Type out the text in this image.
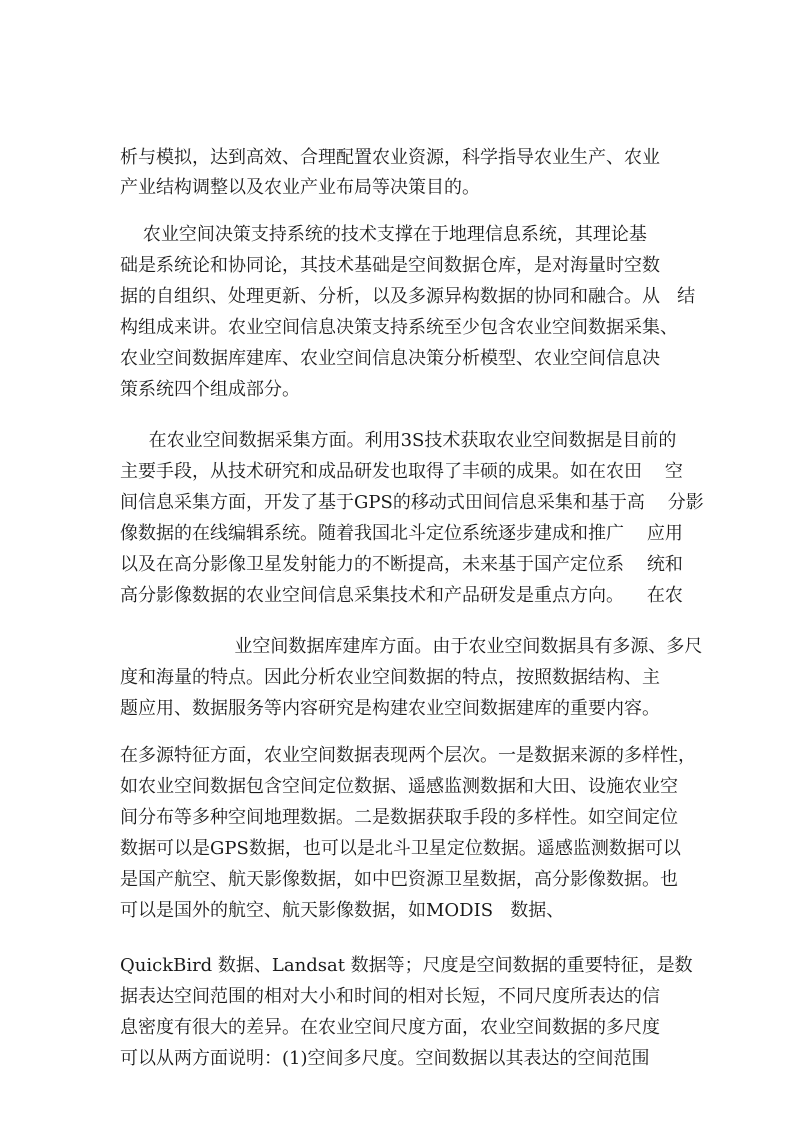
析与模拟，达到高效、合理配置农业资源，科学指导农业生产、农业
产业结构调整以及农业产业布局等决策目的。
农业空间决策支持系统的技术支撑在于地理信息系统，其理论基
础是系统论和协同论，其技术基础是空间数据仓库，是对海量时空数
据的自组织、处理更新、分析，以及多源异构数据的协同和融合。从   结
构组成来讲。农业空间信息决策支持系统至少包含农业空间数据采集、
农业空间数据库建库、农业空间信息决策分析模型、农业空间信息决
策系统四个组成部分。
在农业空间数据采集方面。利用3S技术获取农业空间数据是目前的
主要手段，从技术研究和成品研发也取得了丰硕的成果。如在农田    空
间信息采集方面，开发了基于GPS的移动式田间信息采集和基于高    分影
像数据的在线编辑系统。随着我国北斗定位系统逐步建成和推广    应用
以及在高分影像卫星发射能力的不断提高，未来基于国产定位系    统和
高分影像数据的农业空间信息采集技术和产品研发是重点方向。    在农
业空间数据库建库方面。由于农业空间数据具有多源、多尺
度和海量的特点。因此分析农业空间数据的特点，按照数据结构、主
题应用、数据服务等内容研究是构建农业空间数据建库的重要内容。
在多源特征方面，农业空间数据表现两个层次。一是数据来源的多样性，
如农业空间数据包含空间定位数据、遥感监测数据和大田、设施农业空
间分布等多种空间地理数据。二是数据获取手段的多样性。如空间定位
数据可以是GPS数据，也可以是北斗卫星定位数据。遥感监测数据可以
是国产航空、航天影像数据，如中巴资源卫星数据，高分影像数据。也
可以是国外的航空、航天影像数据，如MODIS   数据、
QuickBird 数据、Landsat 数据等；尺度是空间数据的重要特征，是数
据表达空间范围的相对大小和时间的相对长短，不同尺度所表达的信
息密度有很大的差异。在农业空间尺度方面，农业空间数据的多尺度
可以从两方面说明：(1)空间多尺度。空间数据以其表达的空间范围
